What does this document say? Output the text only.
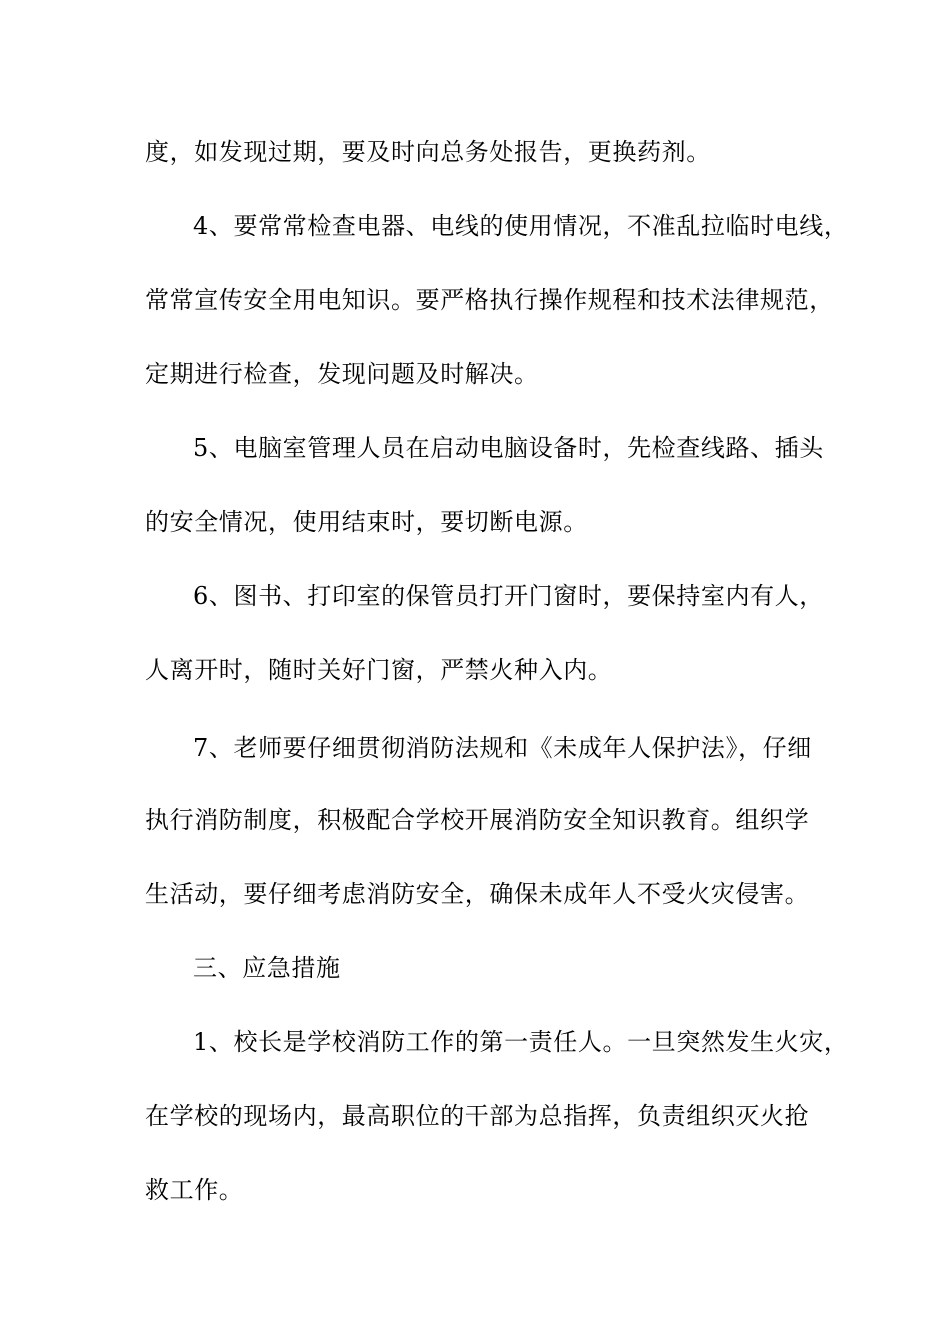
度，如发现过期，要及时向总务处报告，更换药剂。
4、要常常检查电器、电线的使用情况，不准乱拉临时电线，
常常宣传安全用电知识。要严格执行操作规程和技术法律规范，
定期进行检查，发现问题及时解决。
5、电脑室管理人员在启动电脑设备时，先检查线路、插头
的安全情况，使用结束时，要切断电源。
6、图书、打印室的保管员打开门窗时，要保持室内有人，
人离开时，随时关好门窗，严禁火种入内。
7、老师要仔细贯彻消防法规和《未成年人保护法》，仔细
执行消防制度，积极配合学校开展消防安全知识教育。组织学
生活动，要仔细考虑消防安全，确保未成年人不受火灾侵害。
三、应急措施
1、校长是学校消防工作的第一责任人。一旦突然发生火灾，
在学校的现场内，最高职位的干部为总指挥，负责组织灭火抢
救工作。
